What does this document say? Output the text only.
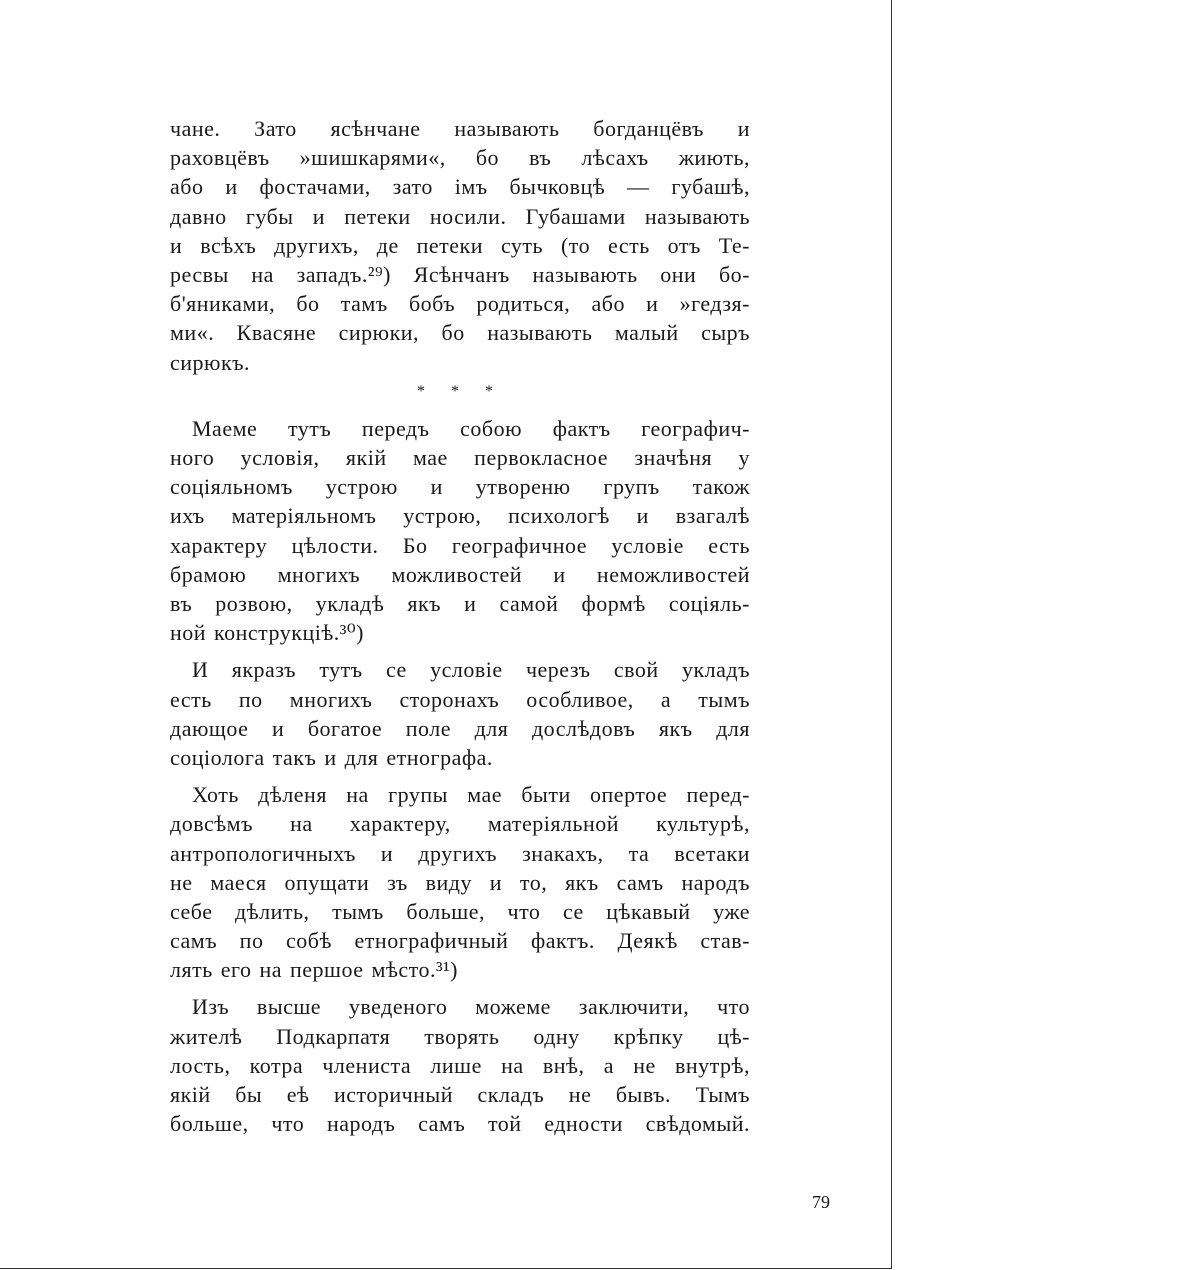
чане. Зато ясѣнчане называють богданцёвъ и
раховцёвъ »шишкарями«, бо въ лѣсахъ жиють,
або и фостачами, зато імъ бычковцѣ — губашѣ,
давно губы и петеки носили. Губашами называють
и всѣхъ другихъ, де петеки суть (то есть отъ Те-
ресвы на западъ.²⁹) Ясѣнчанъ называють они бо-
б'яниками, бо тамъ бобъ родиться, або и »гедзя-
ми«. Квасяне сирюки, бо называють малый сыръ
сирюкъ.
* * *
Маеме тутъ передъ собою фактъ географич-
ного условія, якій мае первокласное значѣня у
соціяльномъ устрою и утвореню групъ також
ихъ матеріяльномъ устрою, психологѣ и взагалѣ
характеру цѣлости. Бо географичное условіе есть
брамою многихъ можливостей и неможливостей
въ розвою, укладѣ якъ и самой формѣ соціяль-
ной конструкціѣ.³⁰)
И якразъ тутъ се условіе черезъ свой укладъ
есть по многихъ сторонахъ особливое, а тымъ
дающое и богатое поле для дослѣдовъ якъ для
соціолога такъ и для етнографа.
Хоть дѣленя на групы мае быти опертое перед-
довсѣмъ на характеру, матеріяльной культурѣ,
антропологичныхъ и другихъ знакахъ, та всетаки
не маеся опущати зъ виду и то, якъ самъ народъ
себе дѣлить, тымъ больше, что се цѣкавый уже
самъ по собѣ етнографичный фактъ. Деякѣ став-
лять его на першое мѣсто.³¹)
Изъ высше уведеного можеме заключити, что
жителѣ Подкарпатя творять одну крѣпку цѣ-
лость, котра члениста лише на внѣ, а не внутрѣ,
якій бы еѣ историчный складъ не бывъ. Тымъ
больше, что народъ самъ той едности свѣдомый.
79
